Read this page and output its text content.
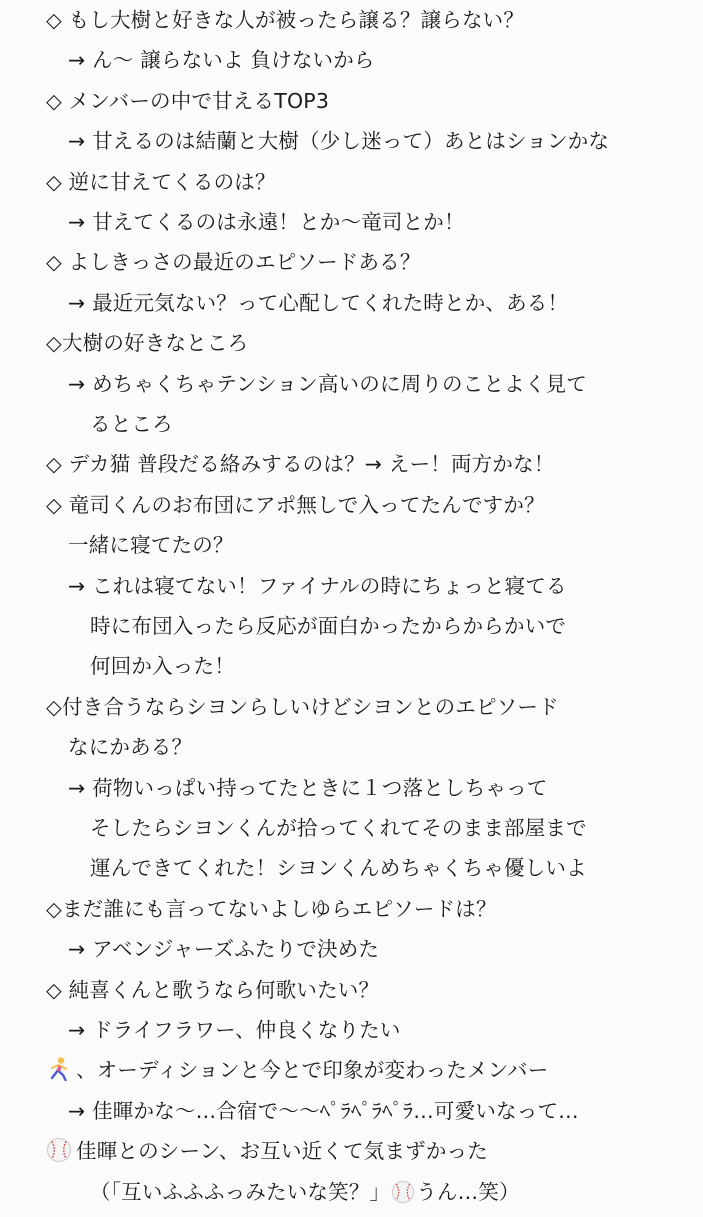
◇ もし大樹と好きな人が被ったら譲る？譲らない？
→ ん〜 譲らないよ 負けないから
◇ メンバーの中で甘えるTOP3
→ 甘えるのは結蘭と大樹（少し迷って）あとはションかな
◇ 逆に甘えてくるのは？
→ 甘えてくるのは永遠！とか〜竜司とか！
◇ よしきっさの最近のエピソードある？
→ 最近元気ない？って心配してくれた時とか、ある！
◇大樹の好きなところ
→ めちゃくちゃテンション高いのに周りのことよく見て
るところ
◇ デカ猫 普段だる絡みするのは？→ えー！両方かな！
◇ 竜司くんのお布団にアポ無しで入ってたんですか？
一緒に寝てたの？
→ これは寝てない！ファイナルの時にちょっと寝てる
時に布団入ったら反応が面白かったからからかいで
何回か入った！
◇付き合うならシヨンらしいけどシヨンとのエピソード
なにかある？
→ 荷物いっぱい持ってたときに１つ落としちゃって
そしたらシヨンくんが拾ってくれてそのまま部屋まで
運んできてくれた！シヨンくんめちゃくちゃ優しいよ
◇まだ誰にも言ってないよしゆらエピソードは？
→ アベンジャーズふたりで決めた
◇ 純喜くんと歌うなら何歌いたい？
→ ドライフラワー、仲良くなりたい
、オーディションと今とで印象が変わったメンバー
→ 佳暉かな〜…合宿で〜〜ﾍﾟﾗﾍﾟﾗﾍﾟﾗ…可愛いなって…
佳暉とのシーン、お互い近くて気まずかった
（「互いふふふっみたいな笑？」 うん…笑）
